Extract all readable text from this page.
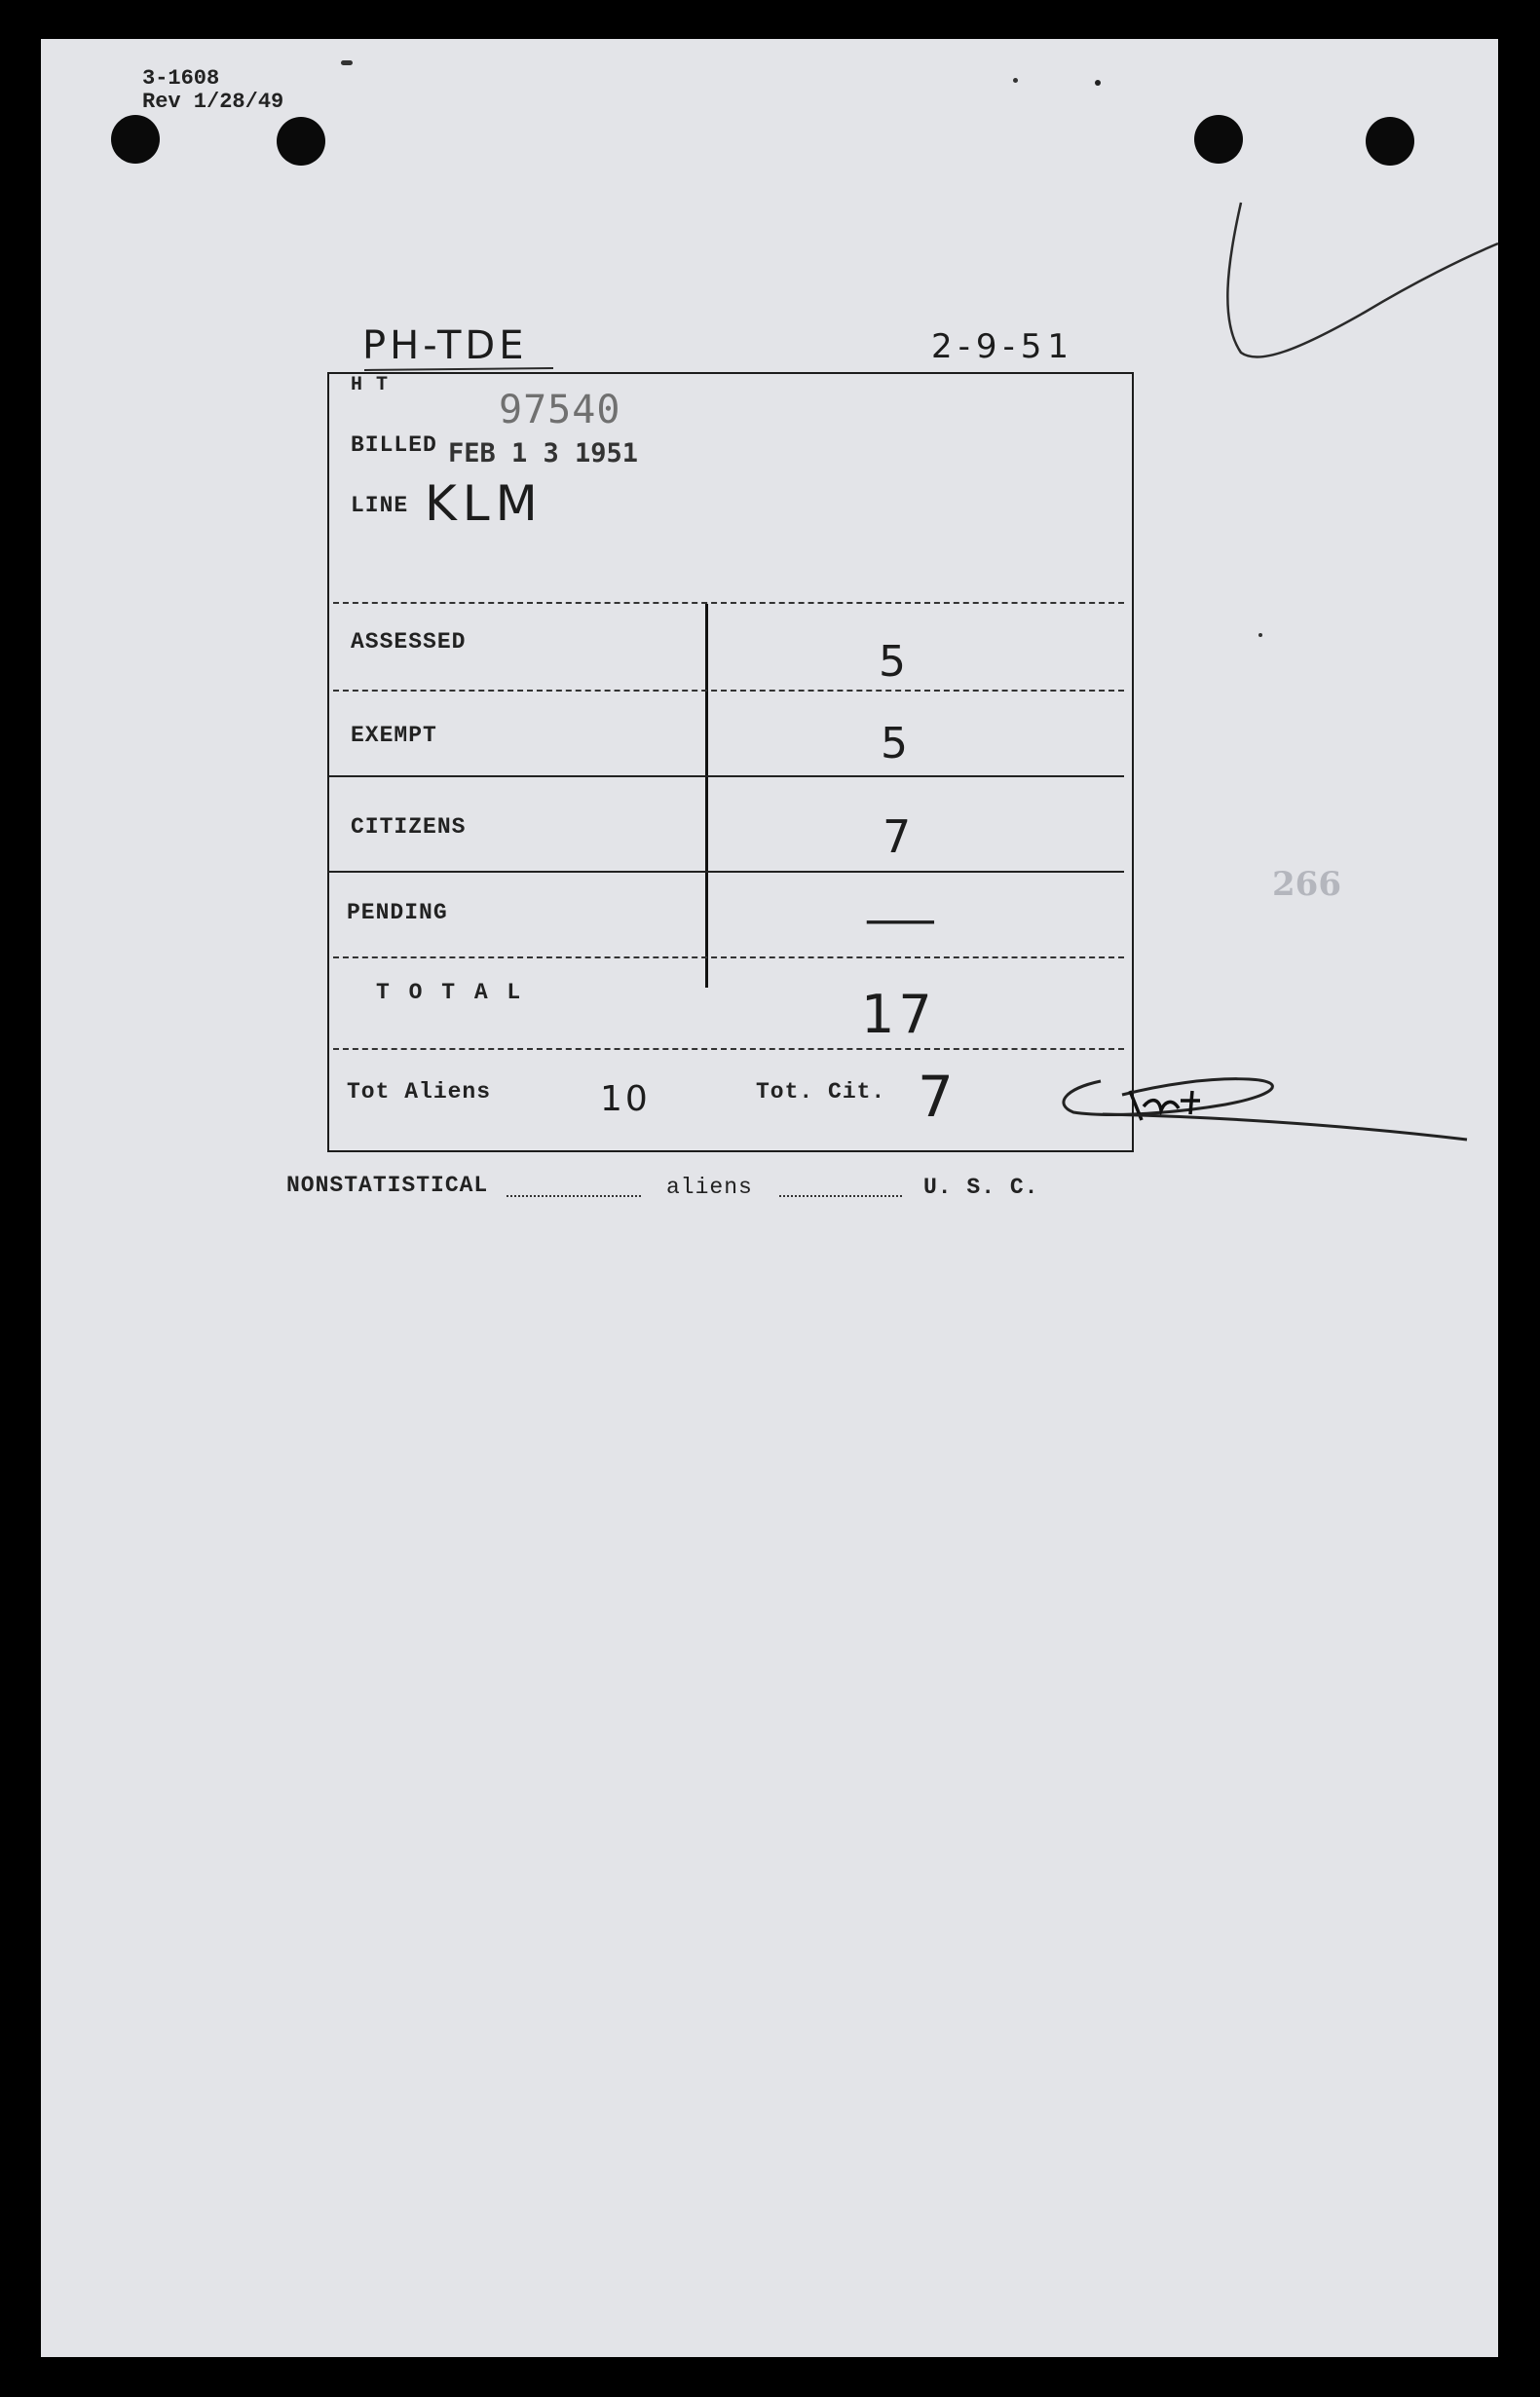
3-1608
Rev 1/28/49
PH-TDE	2-9-51
H T
97540
BILLED FEB 1 3 1951
LINE KLM
ASSESSED	5
EXEMPT	5
CITIZENS	7
PENDING	—
T O T A L	17
Tot Aliens	10	Tot. Cit. 7
NONSTATISTICAL	aliens	U. S. C.
266
